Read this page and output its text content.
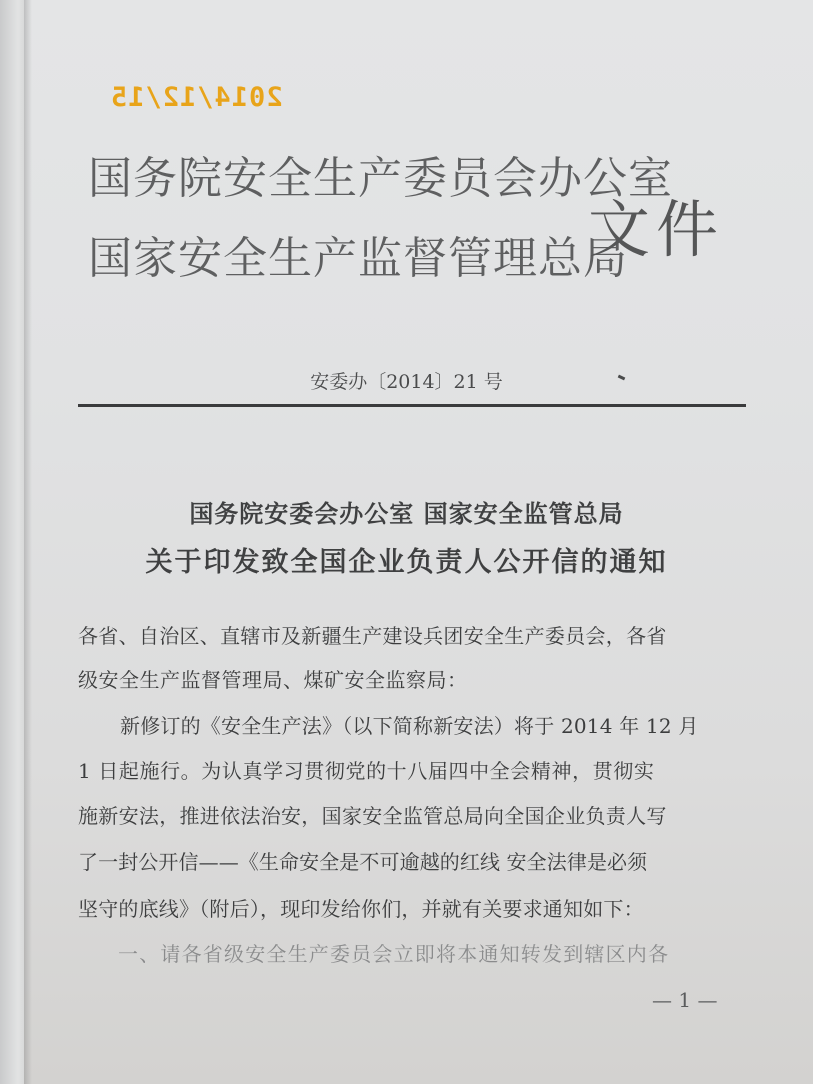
2014/12/15
国务院安全生产委员会办公室
国家安全生产监督管理总局
文件
安委办〔2014〕21 号
国务院安委会办公室 国家安全监管总局
关于印发致全国企业负责人公开信的通知
各省、自治区、直辖市及新疆生产建设兵团安全生产委员会，各省
级安全生产监督管理局、煤矿安全监察局：
新修订的《安全生产法》（以下简称新安法）将于 2014 年 12 月
1 日起施行。为认真学习贯彻党的十八届四中全会精神，贯彻实
施新安法，推进依法治安，国家安全监管总局向全国企业负责人写
了一封公开信——《生命安全是不可逾越的红线 安全法律是必须
坚守的底线》（附后），现印发给你们，并就有关要求通知如下：
一、请各省级安全生产委员会立即将本通知转发到辖区内各
— 1 —
